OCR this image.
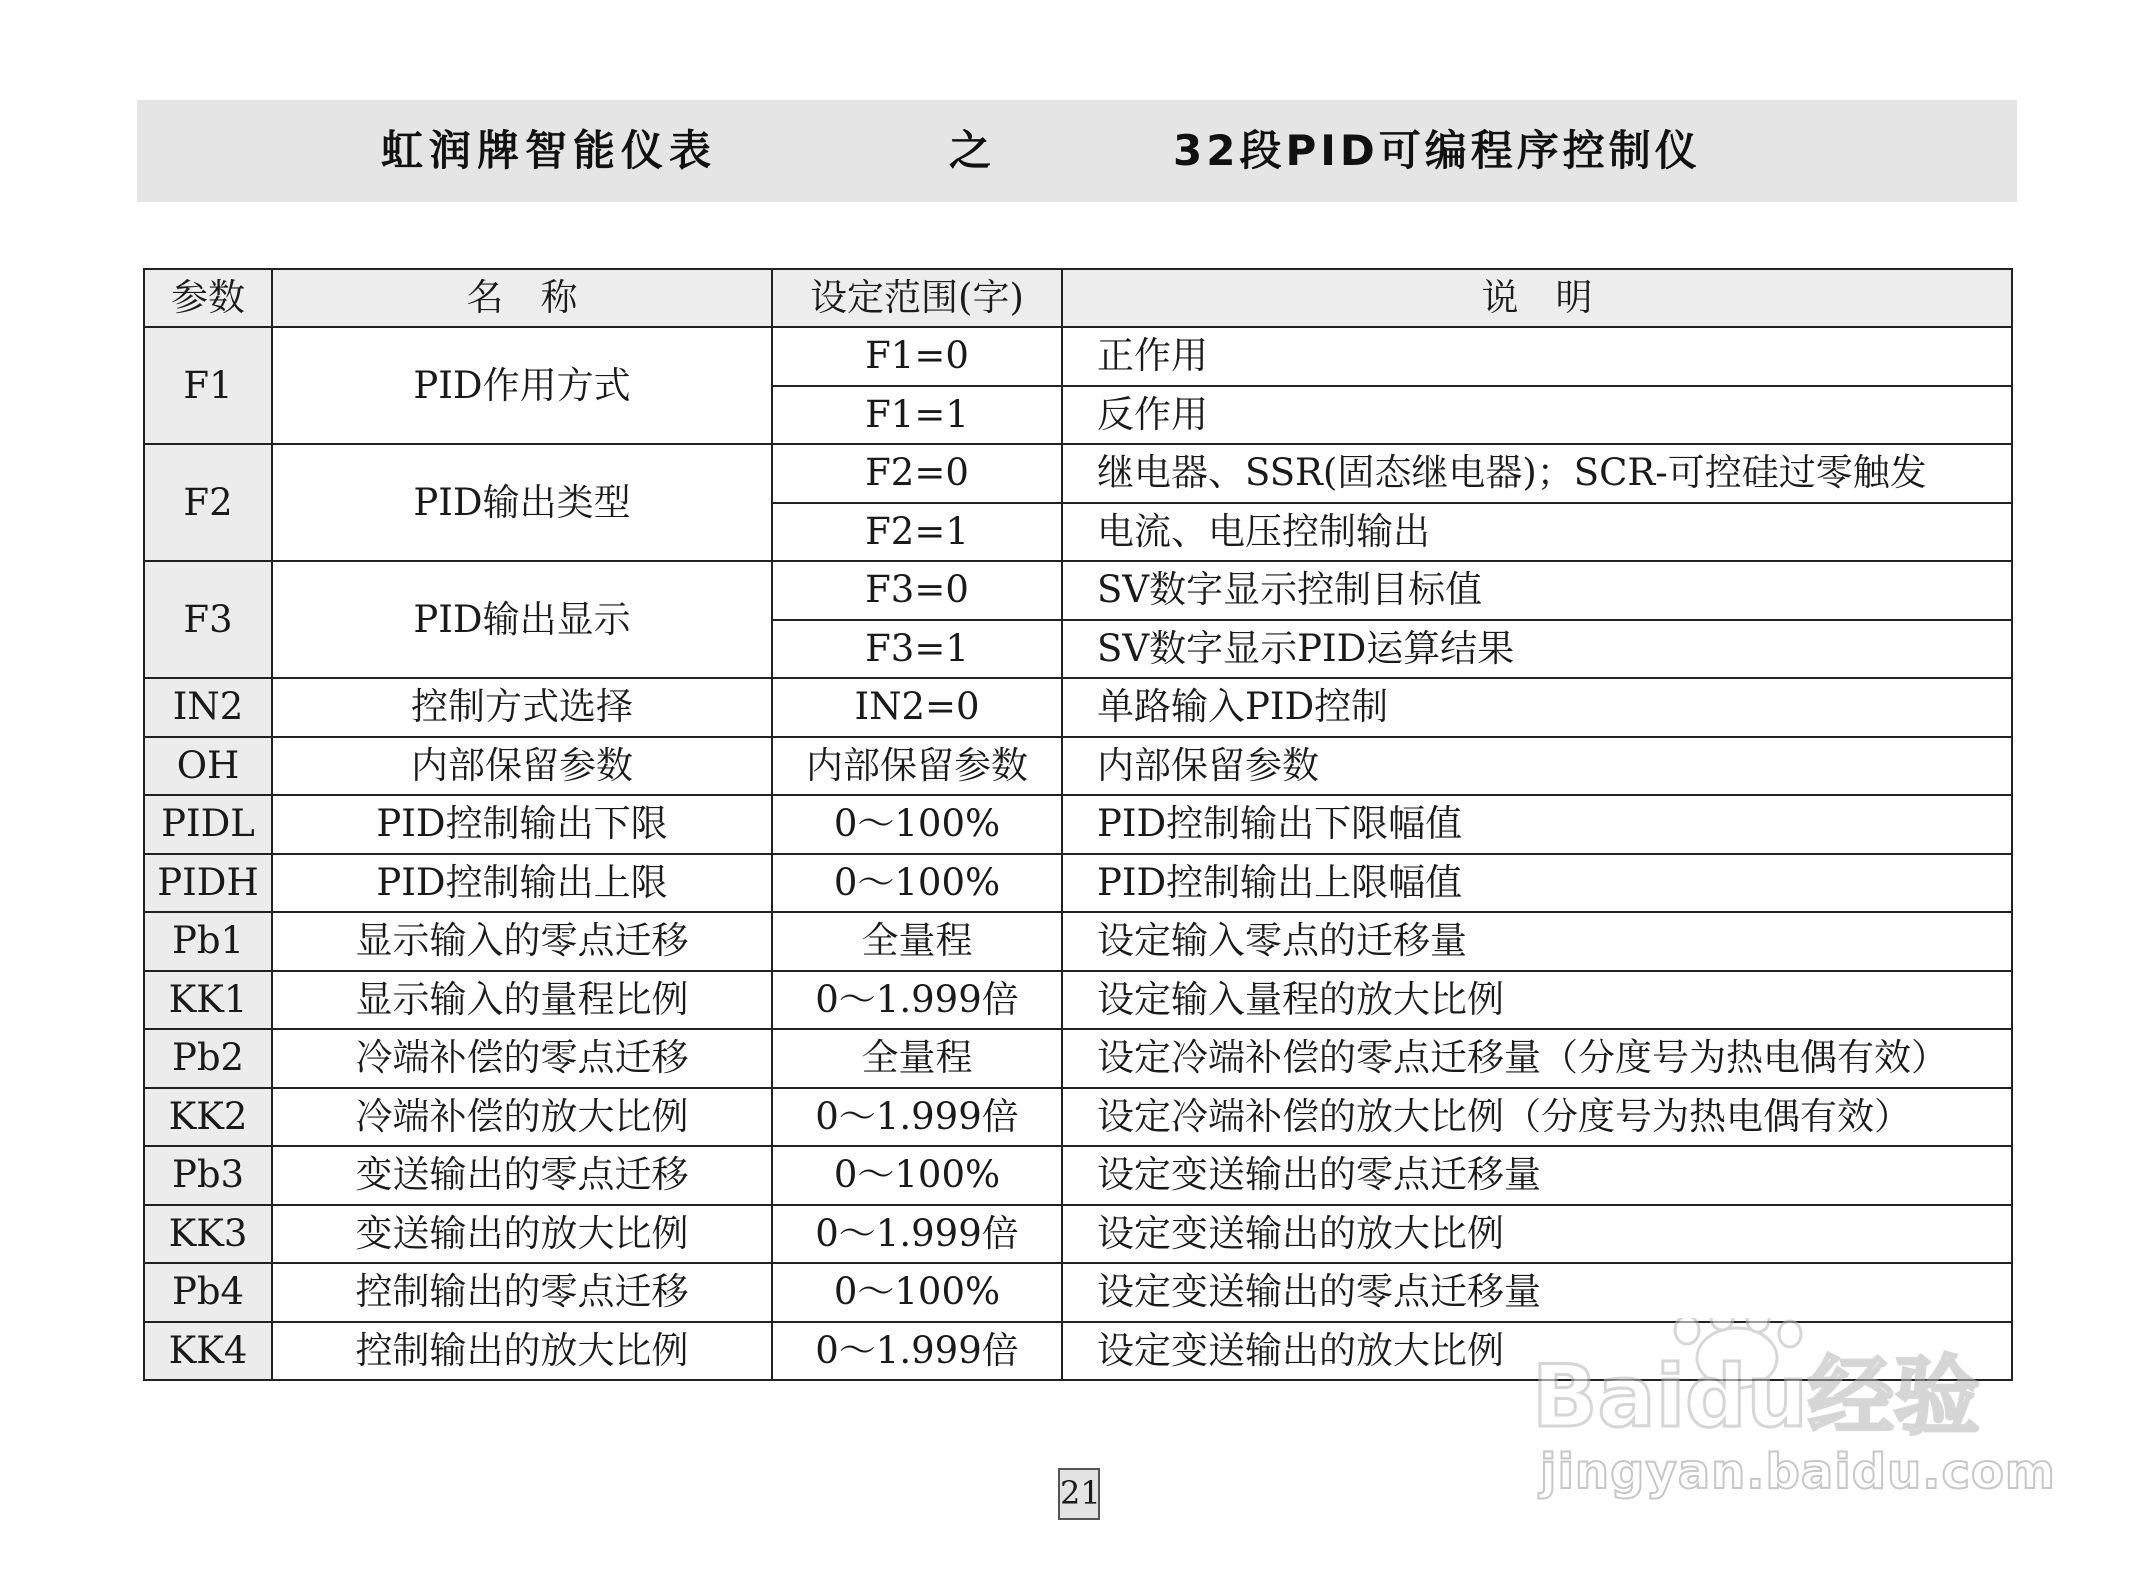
虹润牌智能仪表	之	32段PID可编程序控制仪
参数	名　称	设定范围(字)	说　明
F1	PID作用方式	F1=0	正作用
		F1=1	反作用
F2	PID输出类型	F2=0	继电器、SSR(固态继电器)；SCR-可控硅过零触发
		F2=1	电流、电压控制输出
F3	PID输出显示	F3=0	SV数字显示控制目标值
		F3=1	SV数字显示PID运算结果
IN2	控制方式选择	IN2=0	单路输入PID控制
OH	内部保留参数	内部保留参数	内部保留参数
PIDL	PID控制输出下限	0～100%	PID控制输出下限幅值
PIDH	PID控制输出上限	0～100%	PID控制输出上限幅值
Pb1	显示输入的零点迁移	全量程	设定输入零点的迁移量
KK1	显示输入的量程比例	0～1.999倍	设定输入量程的放大比例
Pb2	冷端补偿的零点迁移	全量程	设定冷端补偿的零点迁移量（分度号为热电偶有效）
KK2	冷端补偿的放大比例	0～1.999倍	设定冷端补偿的放大比例（分度号为热电偶有效）
Pb3	变送输出的零点迁移	0～100%	设定变送输出的零点迁移量
KK3	变送输出的放大比例	0～1.999倍	设定变送输出的放大比例
Pb4	控制输出的零点迁移	0～100%	设定变送输出的零点迁移量
KK4	控制输出的放大比例	0～1.999倍	设定变送输出的放大比例
21
Baidu经验
jingyan.baidu.com
